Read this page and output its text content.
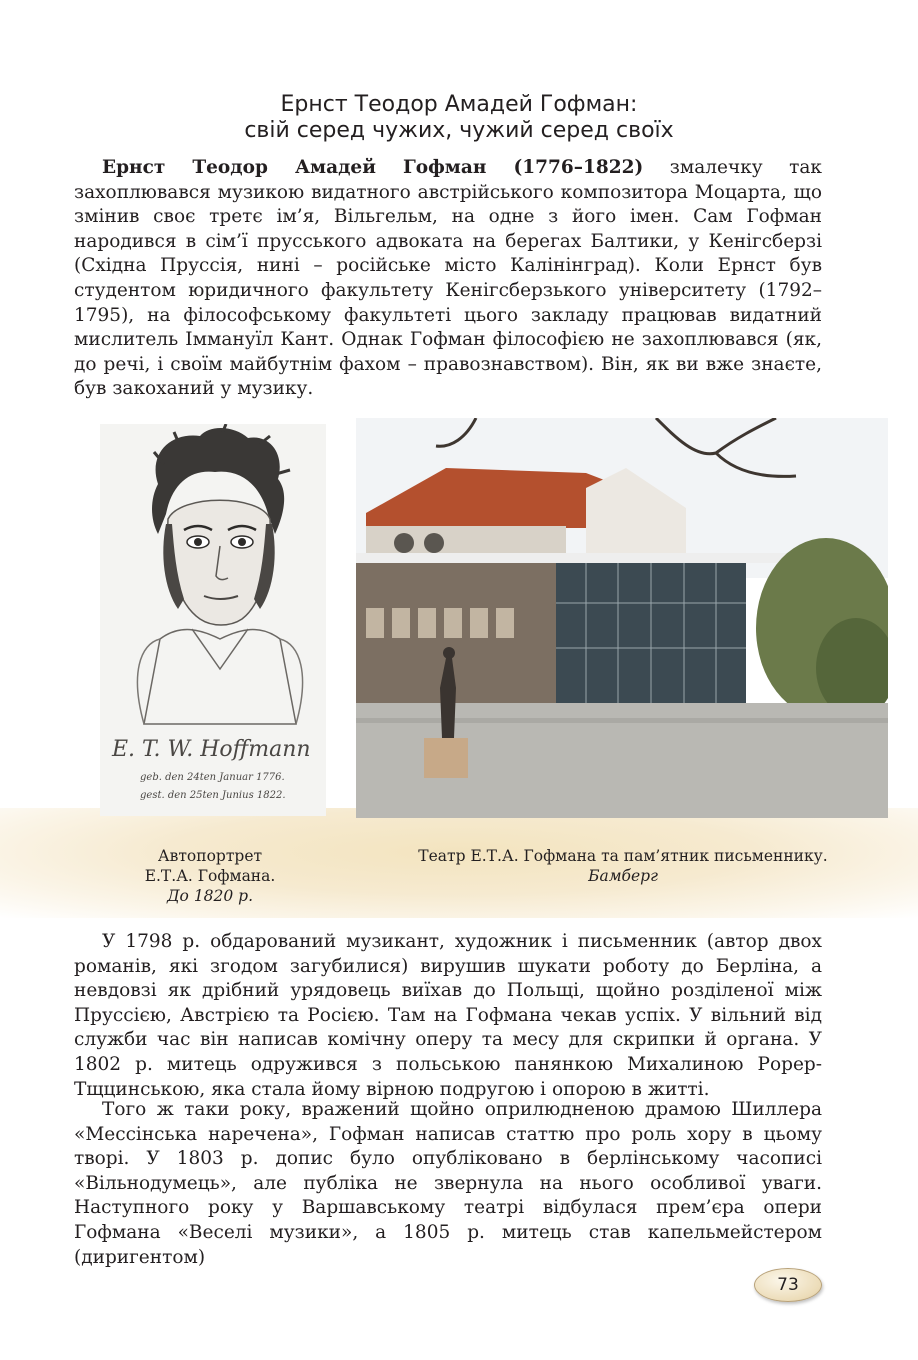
Ернст Теодор Амадей Гофман:
свій серед чужих, чужий серед своїх

Ернст Теодор Амадей Гофман (1776–1822) змалечку так захоплювався музикою видатного австрійського композитора Моцарта, що змінив своє третє ім’я, Вільгельм, на одне з його імен. Сам Гофман народився в сім’ї прусського адвоката на берегах Балтики, у Кенігсберзі (Східна Пруссія, нині – російське місто Калінінград). Коли Ернст був студентом юридичного факультету Кенігсберзького університету (1792–1795), на філософському факультеті цього закладу працював видатний мислитель Іммануїл Кант. Однак Гофман філософією не захоплювався (як, до речі, і своїм майбутнім фахом – правознавством). Він, як ви вже знаєте, був закоханий у музику.

E. T. W. Hoffmann
geb. den 24ten Januar 1776.
gest. den 25ten Junius 1822.
Автопортрет
Е.Т.А. Гофмана.
До 1820 р.
Театр Е.Т.А. Гофмана та пам’ятник письменнику.
Бамберг

У 1798 р. обдарований музикант, художник і письменник (автор двох романів, які згодом загубилися) вирушив шукати роботу до Берліна, а невдовзі як дрібний урядовець виїхав до Польщі, щойно розділеної між Пруссією, Австрією та Росією. Там на Гофмана чекав успіх. У вільний від служби час він написав комічну оперу та месу для скрипки й органа. У 1802 р. митець одружився з польською панянкою Михалиною Рорер-Тщцинською, яка стала йому вірною подругою і опорою в житті.

Того ж таки року, вражений щойно оприлюдненою драмою Шиллера «Мессінська наречена», Гофман написав статтю про роль хору в цьому творі. У 1803 р. допис було опубліковано в берлінському часописі «Вільнодумець», але публіка не звернула на нього особливої уваги. Наступного року у Варшавському театрі відбулася прем’єра опери Гофмана «Веселі музики», а 1805 р. митець став капельмейстером (диригентом)

73
